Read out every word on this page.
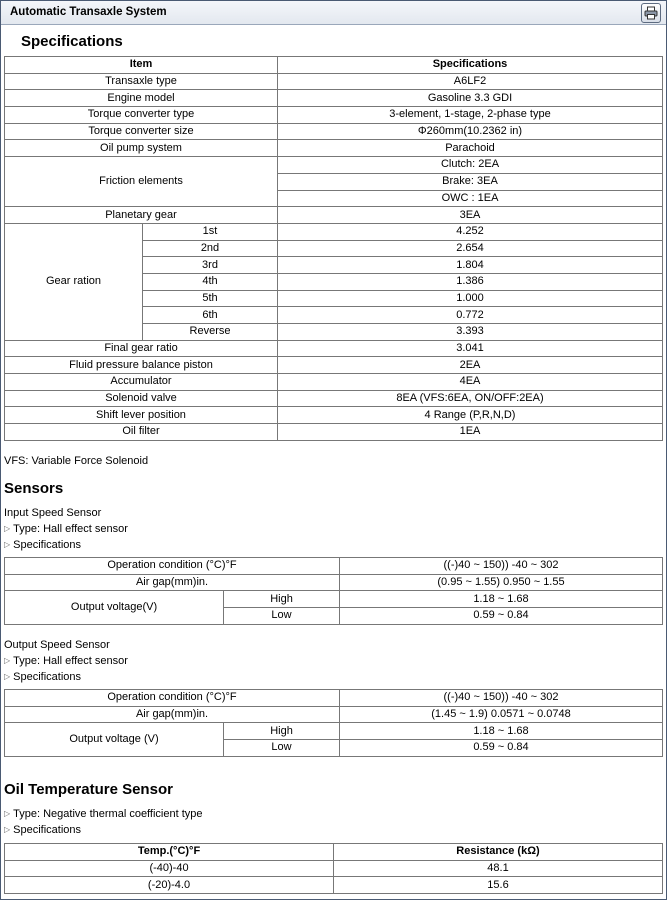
Automatic Transaxle System
Specifications
Item		Specifications
Transaxle type		A6LF2
Engine model		Gasoline 3.3 GDI
Torque converter type		3-element, 1-stage, 2-phase type
Torque converter size		Φ260mm(10.2362 in)
Oil pump system		Parachoid
Friction elements		Clutch: 2EA
		Brake: 3EA
		OWC : 1EA
Planetary gear		3EA
Gear ration	1st	4.252
	2nd	2.654
	3rd	1.804
	4th	1.386
	5th	1.000
	6th	0.772
	Reverse	3.393
Final gear ratio		3.041
Fluid pressure balance piston		2EA
Accumulator		4EA
Solenoid valve		8EA (VFS:6EA, ON/OFF:2EA)
Shift lever position		4 Range (P,R,N,D)
Oil filter		1EA
VFS: Variable Force Solenoid
Sensors
Input Speed Sensor
▷ Type: Hall effect sensor
▷ Specifications
Operation condition (°C)°F		((-)40 ~ 150)) -40 ~ 302
Air gap(mm)in.		(0.95 ~ 1.55) 0.950 ~ 1.55
Output voltage(V)	High	1.18 ~ 1.68
	Low	0.59 ~ 0.84
Output Speed Sensor
▷ Type: Hall effect sensor
▷ Specifications
Operation condition (°C)°F		((-)40 ~ 150)) -40 ~ 302
Air gap(mm)in.		(1.45 ~ 1.9) 0.0571 ~ 0.0748
Output voltage (V)	High	1.18 ~ 1.68
	Low	0.59 ~ 0.84
Oil Temperature Sensor
▷ Type: Negative thermal coefficient type
▷ Specifications
Temp.(°C)°F	Resistance (kΩ)
(-40)-40	48.1
(-20)-4.0	15.6
